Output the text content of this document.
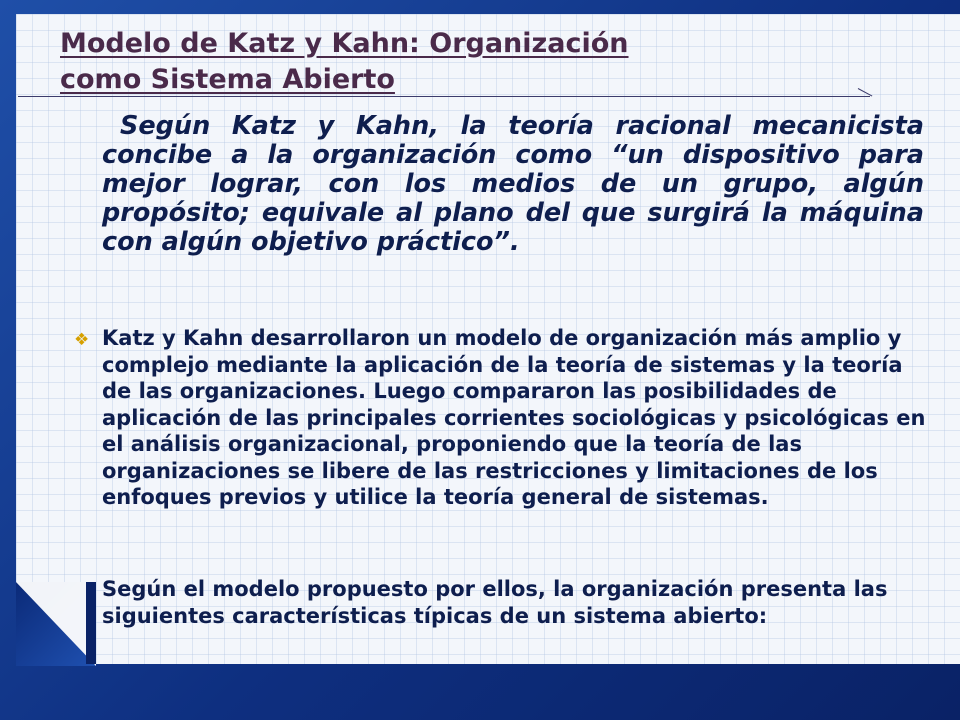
Modelo de Katz y Kahn: Organización
como Sistema Abierto

Según Katz y Kahn, la teoría racional mecanicista concibe a la organización como “un dispositivo para mejor lograr, con los medios de un grupo, algún propósito; equivale al plano del que surgirá la máquina con algún objetivo práctico”.

❖ Katz y Kahn desarrollaron un modelo de organización más amplio y complejo mediante la aplicación de la teoría de sistemas y la teoría de las organizaciones. Luego compararon las posibilidades de aplicación de las principales corrientes sociológicas y psicológicas en el análisis organizacional, proponiendo que la teoría de las organizaciones se libere de las restricciones y limitaciones de los enfoques previos y utilice la teoría general de sistemas.

Según el modelo propuesto por ellos, la organización presenta las siguientes características típicas de un sistema abierto:
